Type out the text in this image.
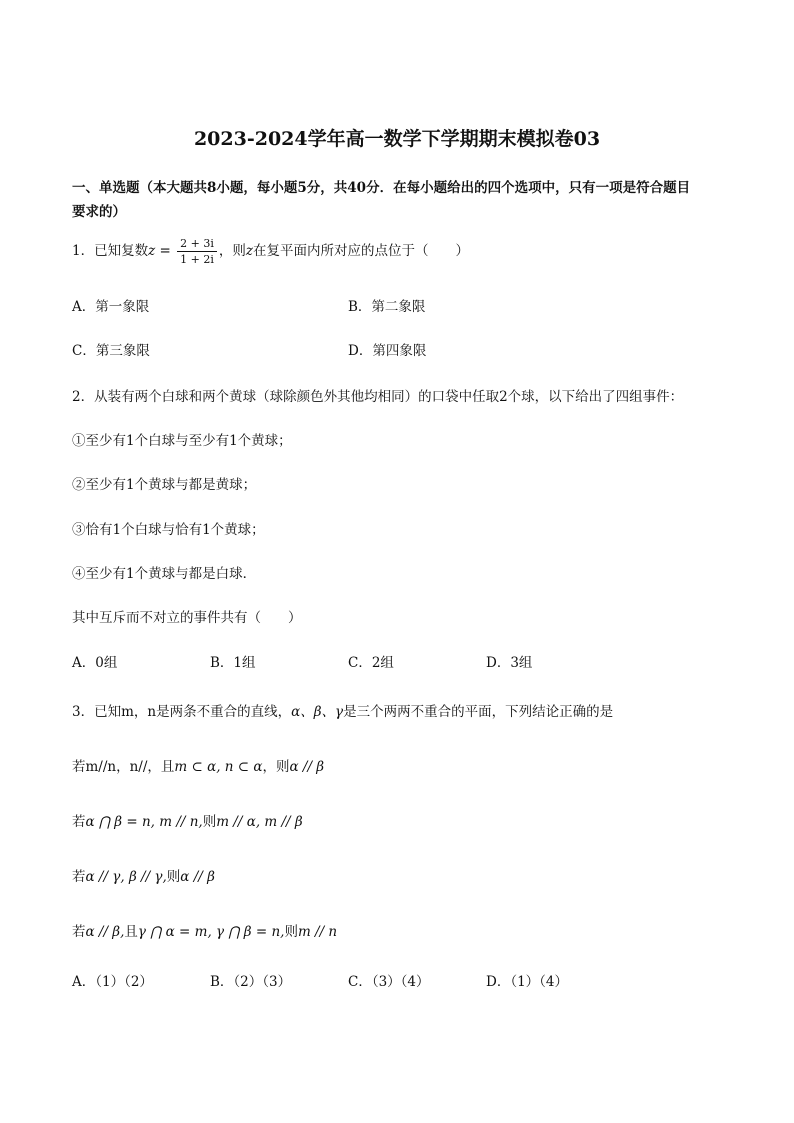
2023-2024学年高一数学下学期期末模拟卷03
一、单选题（本大题共8小题，每小题5分，共40分．在每小题给出的四个选项中，只有一项是符合题目
要求的）
1．已知复数$z = \frac{2 + 3i}{1 + 2i}$ ，则z在复平面内所对应的点位于（　　）
A．第一象限	B．第二象限
C．第三象限	D．第四象限
2．从装有两个白球和两个黄球（球除颜色外其他均相同）的口袋中任取2个球，以下给出了四组事件：
①至少有1个白球与至少有1个黄球；
②至少有1个黄球与都是黄球；
③恰有1个白球与恰有1个黄球；
④至少有1个黄球与都是白球．
其中互斥而不对立的事件共有（　　）
A．0组	B．1组	C．2组	D．3组
3．已知m，n是两条不重合的直线，α、β、γ是三个两两不重合的平面，下列结论正确的是
若m//n，n//，且m ⊂ α, n ⊂ α，则α // β
若α ⋂ β = n, m // n,则m // α, m // β
若α // γ, β // γ,则α // β
若α // β,且γ ⋂ α = m, γ ⋂ β = n,则m // n
A．（1）（2）	B．（2）（3）	C．（3）（4）	D．（1）（4）
